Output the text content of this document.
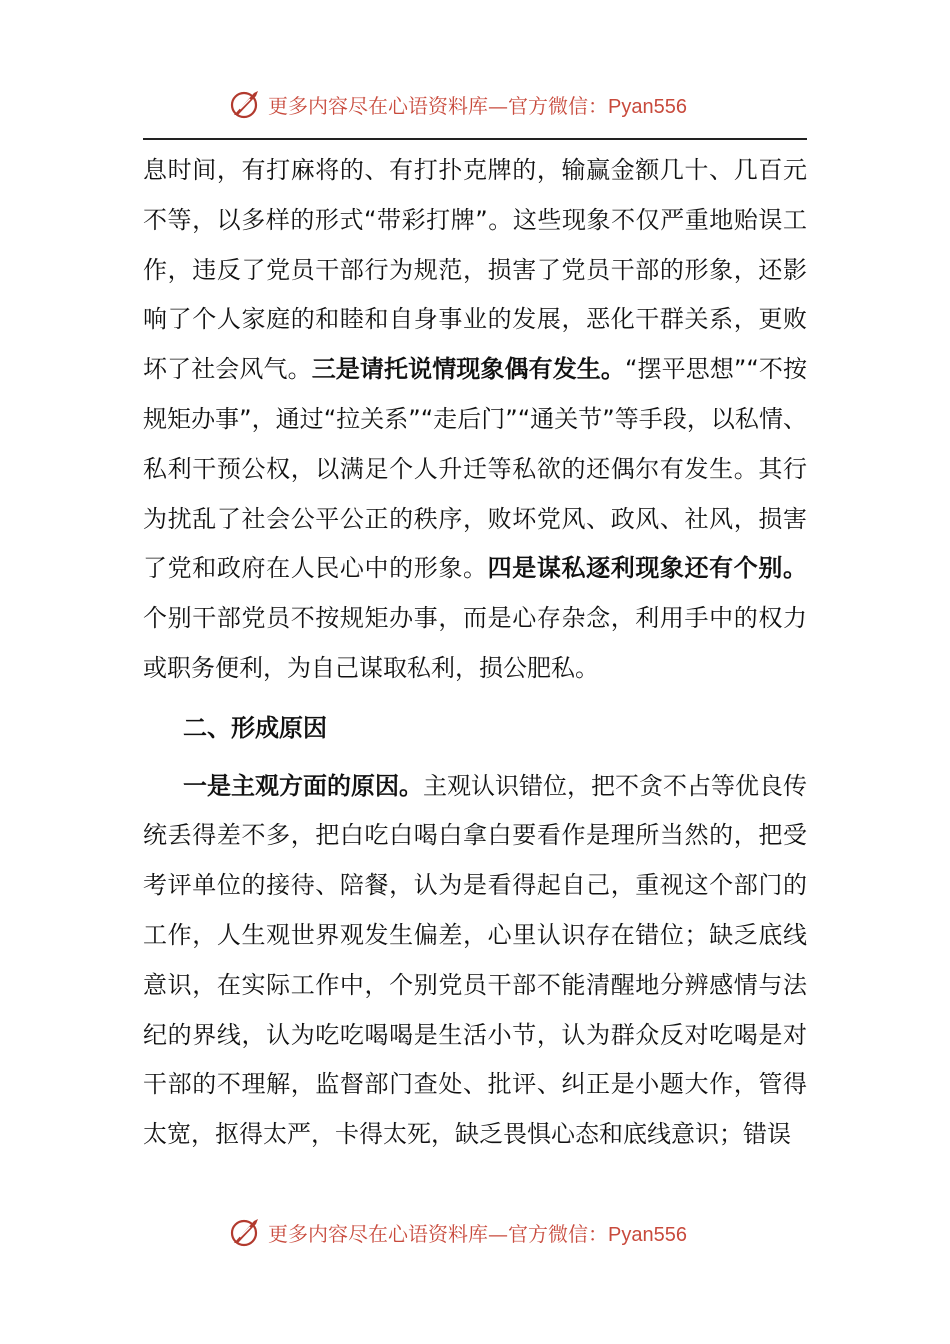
更多内容尽在心语资料库—官方微信：Pyan556

息时间，有打麻将的、有打扑克牌的，输赢金额几十、几百元不等，以多样的形式“带彩打牌”。这些现象不仅严重地贻误工作，违反了党员干部行为规范，损害了党员干部的形象，还影响了个人家庭的和睦和自身事业的发展，恶化干群关系，更败坏了社会风气。三是请托说情现象偶有发生。“摆平思想”“不按规矩办事”，通过“拉关系”“走后门”“通关节”等手段，以私情、私利干预公权，以满足个人升迁等私欲的还偶尔有发生。其行为扰乱了社会公平公正的秩序，败坏党风、政风、社风，损害了党和政府在人民心中的形象。四是谋私逐利现象还有个别。个别干部党员不按规矩办事，而是心存杂念，利用手中的权力或职务便利，为自己谋取私利，损公肥私。

二、形成原因

一是主观方面的原因。主观认识错位，把不贪不占等优良传统丢得差不多，把白吃白喝白拿白要看作是理所当然的，把受考评单位的接待、陪餐，认为是看得起自己，重视这个部门的工作，人生观世界观发生偏差，心里认识存在错位；缺乏底线意识，在实际工作中，个别党员干部不能清醒地分辨感情与法纪的界线，认为吃吃喝喝是生活小节，认为群众反对吃喝是对干部的不理解，监督部门查处、批评、纠正是小题大作，管得太宽，抠得太严，卡得太死，缺乏畏惧心态和底线意识；错误

更多内容尽在心语资料库—官方微信：Pyan556
